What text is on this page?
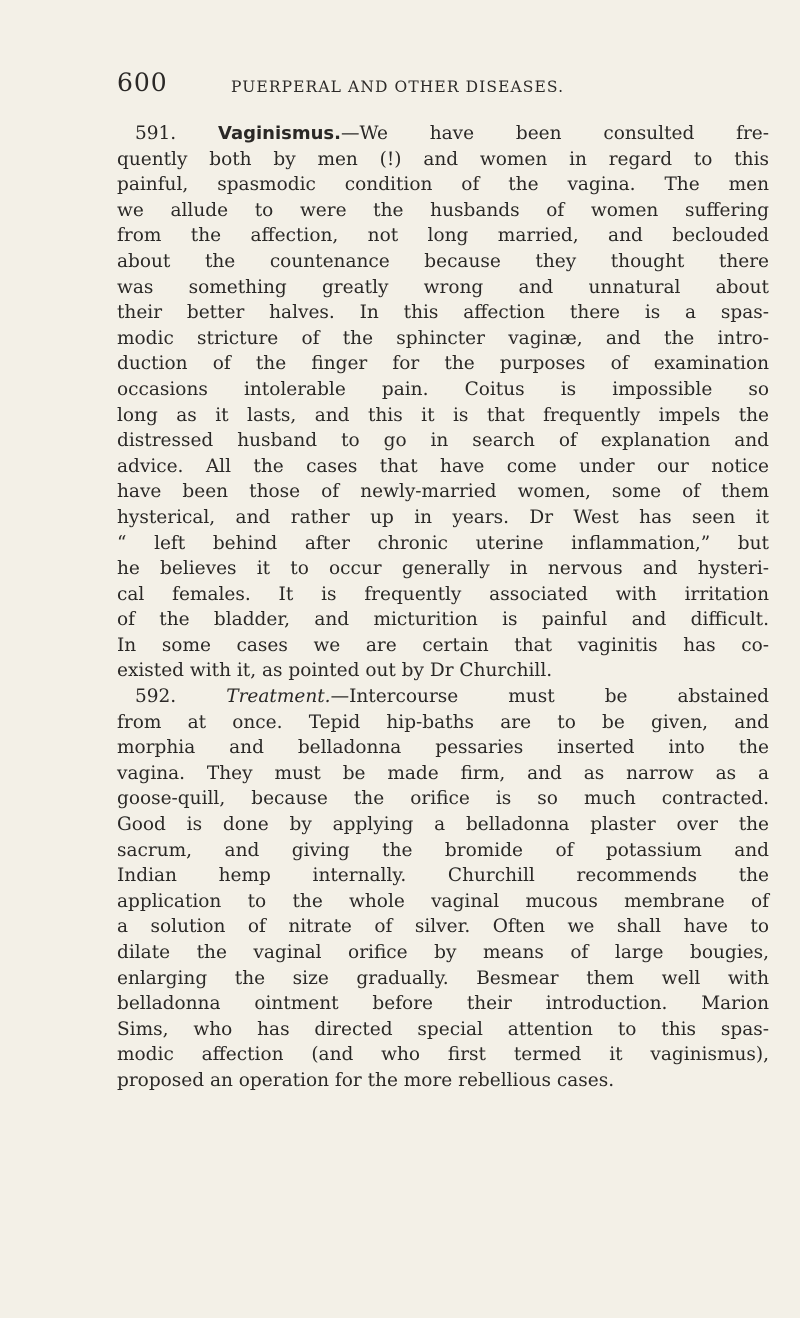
600	PUERPERAL AND OTHER DISEASES.
591. Vaginismus.—We have been consulted fre-
quently both by men (!) and women in regard to this
painful, spasmodic condition of the vagina. The men
we allude to were the husbands of women suffering
from the affection, not long married, and beclouded
about the countenance because they thought there
was something greatly wrong and unnatural about
their better halves. In this affection there is a spas-
modic stricture of the sphincter vaginæ, and the intro-
duction of the finger for the purposes of examination
occasions intolerable pain. Coitus is impossible so
long as it lasts, and this it is that frequently impels the
distressed husband to go in search of explanation and
advice. All the cases that have come under our notice
have been those of newly-married women, some of them
hysterical, and rather up in years. Dr West has seen it
“ left behind after chronic uterine inflammation,” but
he believes it to occur generally in nervous and hysteri-
cal females. It is frequently associated with irritation
of the bladder, and micturition is painful and difficult.
In some cases we are certain that vaginitis has co-
existed with it, as pointed out by Dr Churchill.
592.	Treatment.—Intercourse must be abstained
from at once. Tepid hip-baths are to be given, and
morphia and belladonna pessaries inserted into the
vagina. They must be made firm, and as narrow as a
goose-quill, because the orifice is so much contracted.
Good is done by applying a belladonna plaster over the
sacrum, and giving the bromide of potassium and
Indian hemp internally. Churchill recommends the
application to the whole vaginal mucous membrane of
a solution of nitrate of silver. Often we shall have to
dilate the vaginal orifice by means of large bougies,
enlarging the size gradually. Besmear them well with
belladonna ointment before their introduction. Marion
Sims, who has directed special attention to this spas-
modic affection (and who first termed it vaginismus),
proposed an operation for the more rebellious cases.
